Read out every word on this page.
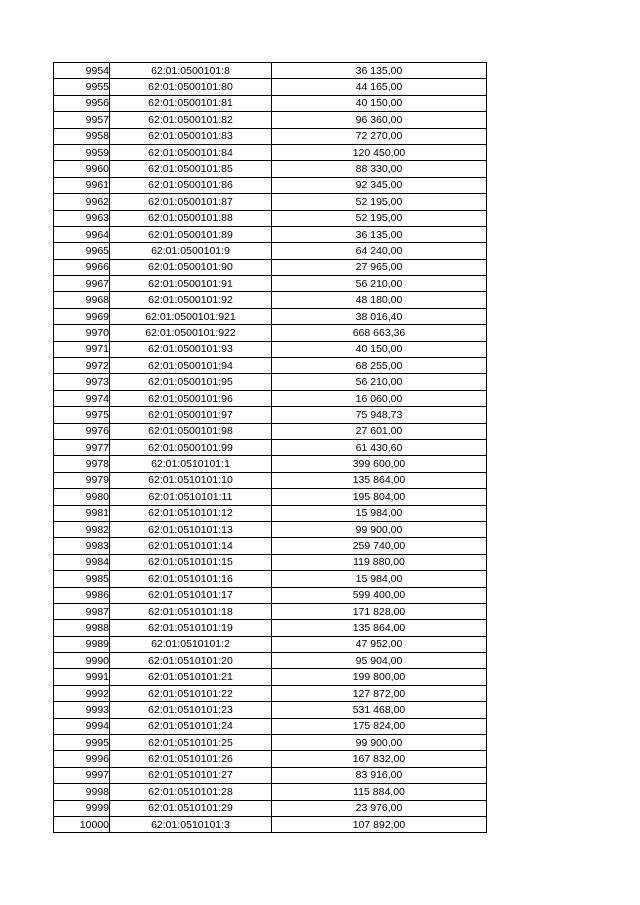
9954	62:01:0500101:8	36 135,00
9955	62:01:0500101:80	44 165,00
9956	62:01:0500101:81	40 150,00
9957	62:01:0500101:82	96 360,00
9958	62:01:0500101:83	72 270,00
9959	62:01:0500101:84	120 450,00
9960	62:01:0500101:85	88 330,00
9961	62:01:0500101:86	92 345,00
9962	62:01:0500101:87	52 195,00
9963	62:01:0500101:88	52 195,00
9964	62:01:0500101:89	36 135,00
9965	62:01:0500101:9	64 240,00
9966	62:01:0500101:90	27 965,00
9967	62:01:0500101:91	56 210,00
9968	62:01:0500101:92	48 180,00
9969	62:01:0500101:921	38 016,40
9970	62:01:0500101:922	668 663,36
9971	62:01:0500101:93	40 150,00
9972	62:01:0500101:94	68 255,00
9973	62:01:0500101:95	56 210,00
9974	62:01:0500101:96	16 060,00
9975	62:01:0500101:97	75 948,73
9976	62:01:0500101:98	27 601,00
9977	62:01:0500101:99	61 430,60
9978	62:01:0510101:1	399 600,00
9979	62:01:0510101:10	135 864,00
9980	62:01:0510101:11	195 804,00
9981	62:01:0510101:12	15 984,00
9982	62:01:0510101:13	99 900,00
9983	62:01:0510101:14	259 740,00
9984	62:01:0510101:15	119 880,00
9985	62:01:0510101:16	15 984,00
9986	62:01:0510101:17	599 400,00
9987	62:01:0510101:18	171 828,00
9988	62:01:0510101:19	135 864,00
9989	62:01:0510101:2	47 952,00
9990	62:01:0510101:20	95 904,00
9991	62:01:0510101:21	199 800,00
9992	62:01:0510101:22	127 872,00
9993	62:01:0510101:23	531 468,00
9994	62:01:0510101:24	175 824,00
9995	62:01:0510101:25	99 900,00
9996	62:01:0510101:26	167 832,00
9997	62:01:0510101:27	83 916,00
9998	62:01:0510101:28	115 884,00
9999	62:01:0510101:29	23 976,00
10000	62:01:0510101:3	107 892,00
